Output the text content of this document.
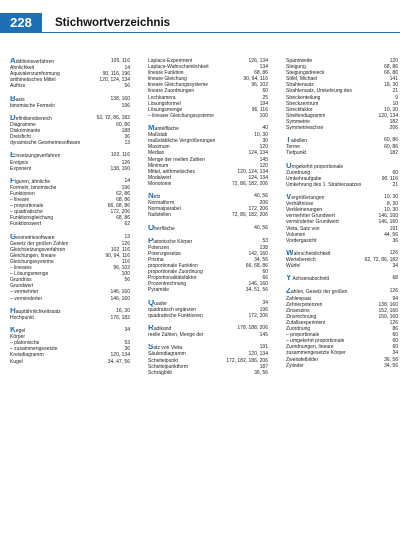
228	Stichwortverzeichnis
Additionsverfahren	105, 116
Ähnlichkeit	14
Äquivalenzumformung	90, 116, 196
arithmetisches Mittel	120, 124, 134
Aufriss	56
Basis	138, 160
binomische Formeln	196
Definitionsbereich	62, 72, 86, 182
Diagramme	60, 86
Diskriminante	188
Dreisficht	36
dynamische Geometriesoftware	13
Einsetzungsverfahren	102, 116
Ereignis	126
Exponent	138, 160
Figuren, ähnliche	14
Formeln, binomische	196
Funktionen	62, 86
– lineare	68, 86
– proportionale	66, 68, 86
– quadratische	172, 206
Funktionsgleichung	68, 86
Funktionswert	62
Geometriesoftware	13
Gesetz der großen Zahlen	126
Gleichsetzungsverfahren	102, 116
Gleichungen, lineare	90, 94, 116
Gleichungssysteme	116
– lineares	96, 102
– Lösungsmenge	100
Grundriss	56
Grundwert
– vermehrter	146, 160
– verminderter	146, 160
Hauptähnlichkeitssatz	16, 30
Hochpunkt	176, 182
Kegel	34
Körper
– platonische	53
– zusammengesetzte	36
Kreisdiagramm	120, 134
Kugel	34, 47, 56
Laplace-Experiment	126, 134
Laplace-Wahrscheinlichkeit	134
lineare Funktion	68, 86
lineare Gleichung	90, 94, 116
lineare Gleichungssysteme	96, 102
lineare Zuordnungen	60
Lochkamera	25
Lösungsformel	194
Lösungsmenge	96, 116
– linearer Gleichungssysteme	100
Mantelfläche	40
Maßstab	10, 30
maßstäbliche Vergrößerungen	30
Maximum	120
Median	124, 134
Menge der reellen Zahlen	145
Minimum	120
Mittel, arithmetisches	120, 124, 134
Modalwert	124, 134
Monotonie	72, 86, 182, 206
Netz	40, 56
Normalform	206
Normalparabel	172, 206
Nullstellen	72, 86, 182, 206
Oberfläche	40, 56
Platonische Körper	53
Potenzen	138
Potenzgesetze	142, 160
Prisma	34, 56
proportionale Funktion	66, 68, 86
proportionale Zuordnung	60
Proportionalitätsfaktor	66
Prozentrechnung	146, 160
Pyramide	34, 51, 56
Quader	34
quadratisch ergänzen	196
quadratische Funktionen	172, 206
Radikand	178, 188, 206
reelle Zahlen, Menge der	145
Satz von Vieta	191
Säulendiagramm	120, 134
Scheitelpunkt	172, 182, 186, 206
Scheitelpunktform	187
Schrägbild	36, 56
Spannweite	120
Steigung	68, 86
Steigungsdreieck	66, 86
Stifel, Michael	141
Strahlensatz	18, 30
Strahlensatz, Umkehrung des	21
Streckenteilung	9
Streckzentrum	10
Streckfaktor	10, 30
Streifendiagramm	120, 134
Symmetrie	182
Symmetrieachse	206
Tabellen	60, 86
Terme	60, 86
Tiefpunkt	182
Umgekehrt proportionale
Zuordnung	60
Umkehraufgabe	90, 116
Umkehrung des 1. Strahlensatzes	21
Vergrößerungen	10, 30
Verhältnisse	8, 30
Verkleinerungen	10, 30
vermehrter Grundwert	146, 160
verminderter Grundwert	146, 160
Vieta, Satz von	191
Volumen	44, 56
Vordergasicht	36
Wahrscheinlichkeit	126
Wertebereich	62, 72, 86, 182
Würfel	34
Y Achsenabschnitt	68
Zahlen, Gesetz der großen	126
Zahlenpaar	94
Zehnerpotenzen	138, 160
Zinseszins	152, 160
Zinsrechnung	150, 160
Zufallsexperiment	126
Zuordnung	86
– proportionale	60
– umgekehrt proportionale	60
Zuordnungen, lineare	60
zusammengesetzte Körper	34
Zweitafelbilder	36, 56
Zylinder	34, 56
